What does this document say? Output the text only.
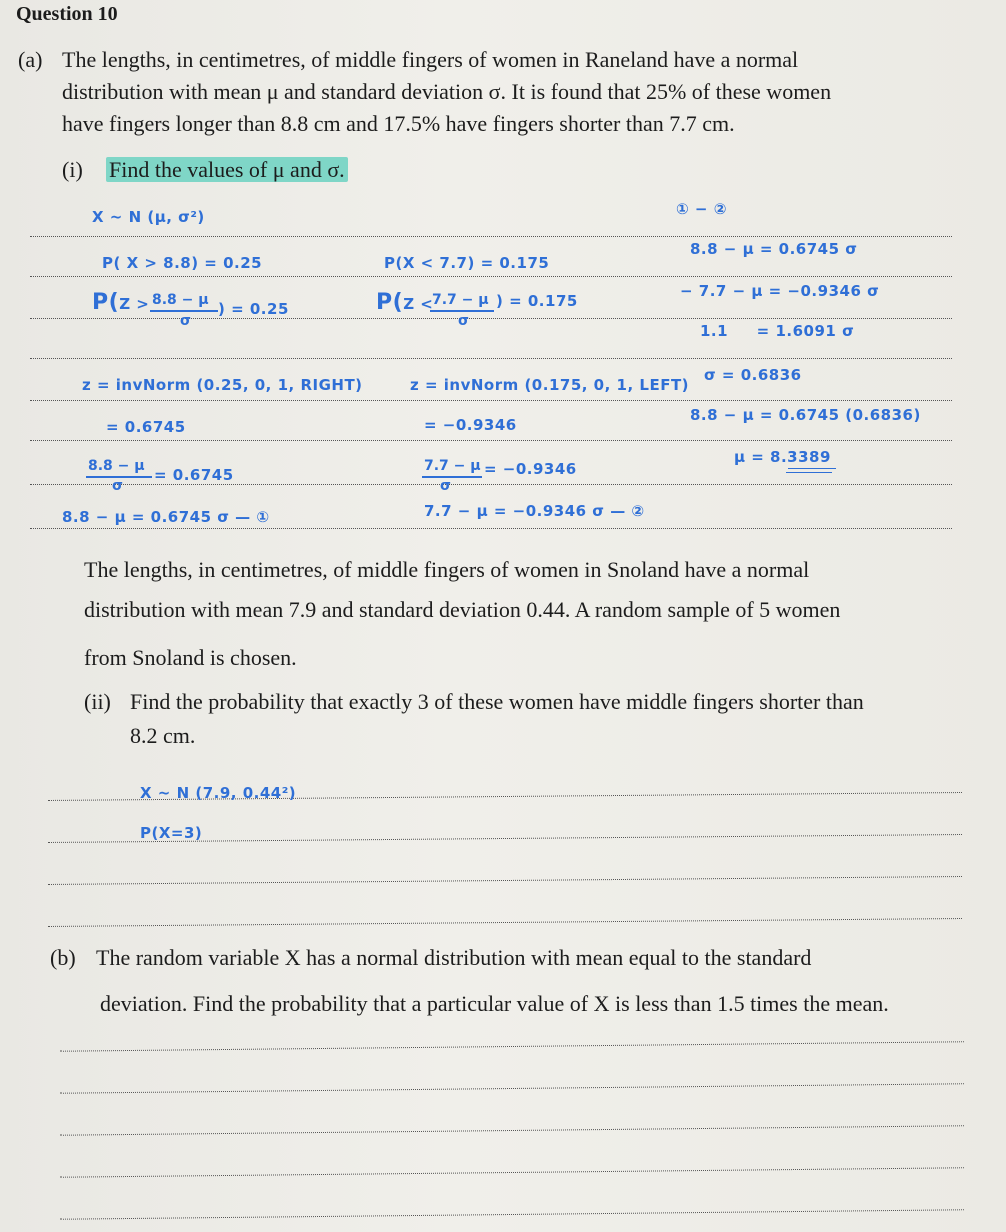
Question 10
(a) The lengths, in centimetres, of middle fingers of women in Raneland have a normal
distribution with mean μ and standard deviation σ. It is found that 25% of these women
have fingers longer than 8.8 cm and 17.5% have fingers shorter than 7.7 cm.
(i) Find the values of μ and σ.
X ~ N (μ, σ²)
P( X > 8.8) = 0.25
P(Z > 8.8 − μ
σ
) = 0.25
z = invNorm (0.25, 0, 1, RIGHT)
= 0.6745
8.8 − μ
σ
= 0.6745
8.8 − μ = 0.6745 σ — ①
P(X < 7.7) = 0.175
P(Z <
7.7 − μ
σ
) = 0.175
z = invNorm (0.175, 0, 1, LEFT)
= −0.9346
7.7 − μ
σ
= −0.9346
7.7 − μ = −0.9346 σ — ②
① − ②
8.8 − μ = 0.6745 σ
− 7.7 − μ = −0.9346 σ
1.1     = 1.6091 σ
σ = 0.6836
8.8 − μ = 0.6745 (0.6836)
μ = 8.3389
The lengths, in centimetres, of middle fingers of women in Snoland have a normal
distribution with mean 7.9 and standard deviation 0.44. A random sample of 5 women
from Snoland is chosen.
(ii) Find the probability that exactly 3 of these women have middle fingers shorter than
8.2 cm.
X ~ N (7.9, 0.44²)
P(X=3)
(b) The random variable X has a normal distribution with mean equal to the standard
deviation. Find the probability that a particular value of X is less than 1.5 times the mean.
